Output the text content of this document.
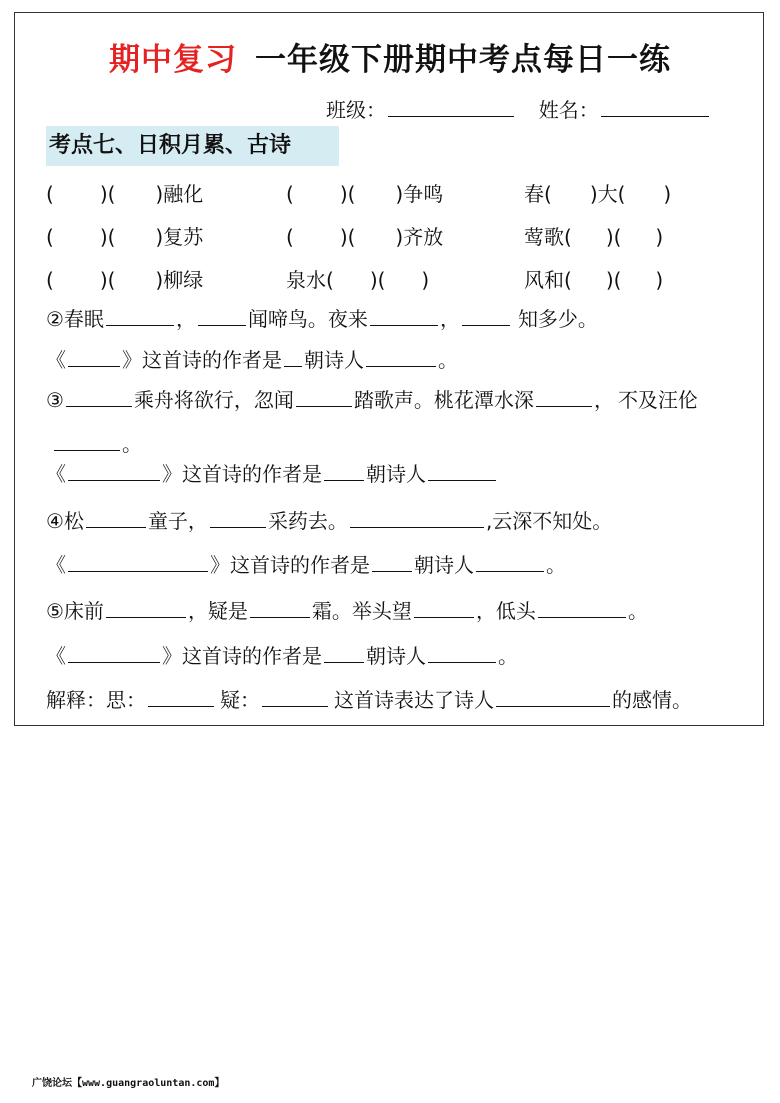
期中复习 一年级下册期中考点每日一练
班级：	姓名：
考点七、日积月累、古诗
( )( )融化	( )( )争鸣	春( )大( )
( )( )复苏	( )( )齐放	莺歌( )( )
( )( )柳绿	泉水( )( )	风和( )( )
②春眠	，	闻啼鸟。夜来	，	知多少。
《	》这首诗的作者是 朝诗人	。
③	乘舟将欲行，忽闻	踏歌声。桃花潭水深	， 不及汪伦
。
《	》这首诗的作者是 朝诗人
④松	童子，	采药去。	,云深不知处。
《	》这首诗的作者是 朝诗人	。
⑤床前	，疑是	霜。举头望	，低头	。
《	》这首诗的作者是 朝诗人	。
解释：思：	疑：	这首诗表达了诗人	的感情。
广饶论坛【www.guangraoluntan.com】
